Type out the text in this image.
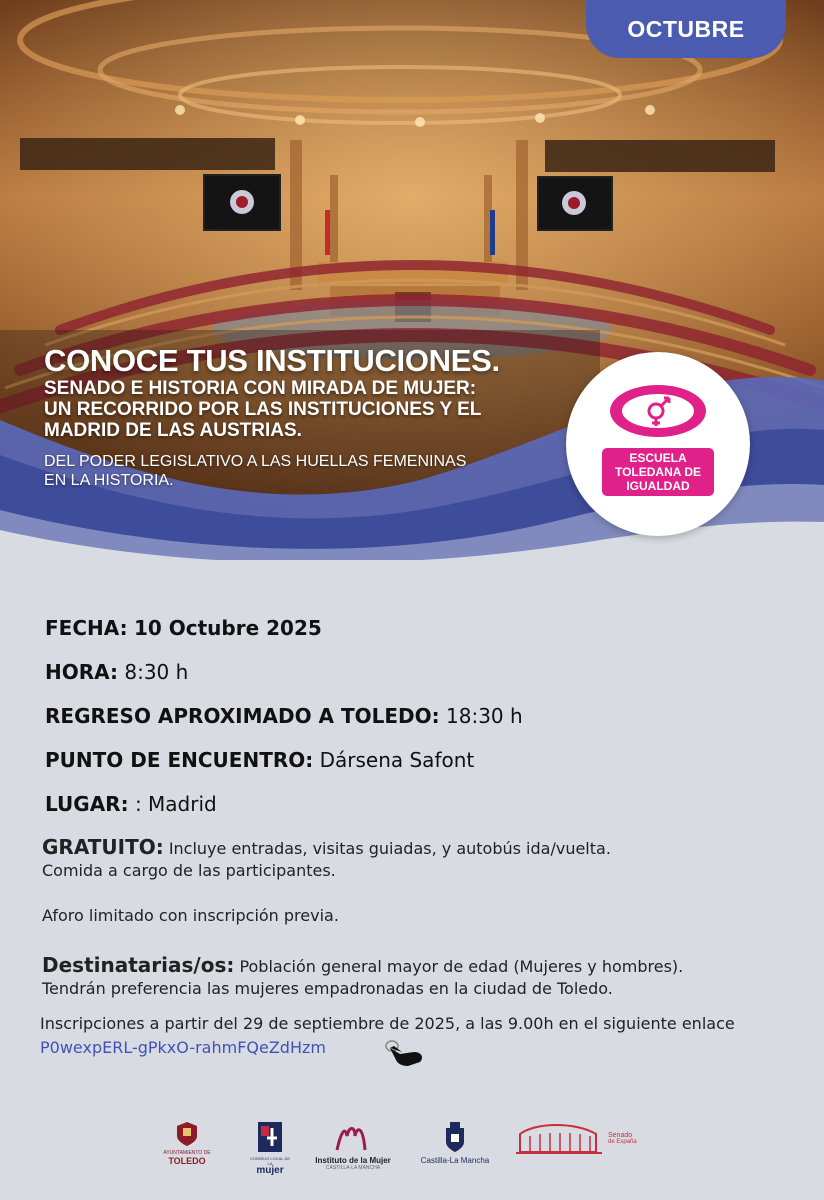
OCTUBRE
CONOCE TUS INSTITUCIONES.
SENADO E HISTORIA CON MIRADA DE MUJER:
UN RECORRIDO POR LAS INSTITUCIONES Y EL
MADRID DE LAS AUSTRIAS.
DEL PODER LEGISLATIVO A LAS HUELLAS FEMENINAS
EN LA HISTORIA.
ESCUELA
TOLEDANA DE
IGUALDAD
FECHA: 10 Octubre 2025
HORA: 8:30 h
REGRESO APROXIMADO A TOLEDO: 18:30 h
PUNTO DE ENCUENTRO: Dársena Safont
LUGAR: : Madrid
GRATUITO: Incluye entradas, visitas guiadas, y autobús ida/vuelta.
Comida a cargo de las participantes.
Aforo limitado con inscripción previa.
Destinatarias/os: Población general mayor de edad (Mujeres y hombres).
Tendrán preferencia las mujeres empadronadas en la ciudad de Toledo.
Inscripciones a partir del 29 de septiembre de 2025, a las 9.00h en el siguiente enlace
P0wexpERL-gPkxO-rahmFQeZdHzm
AYUNTAMIENTO DE
TOLEDO	CONSEJO LOCAL DE LA
mujer
Instituto de la Mujer
CASTILLA-LA MANCHA
Castilla-La Mancha
Senado
de España
